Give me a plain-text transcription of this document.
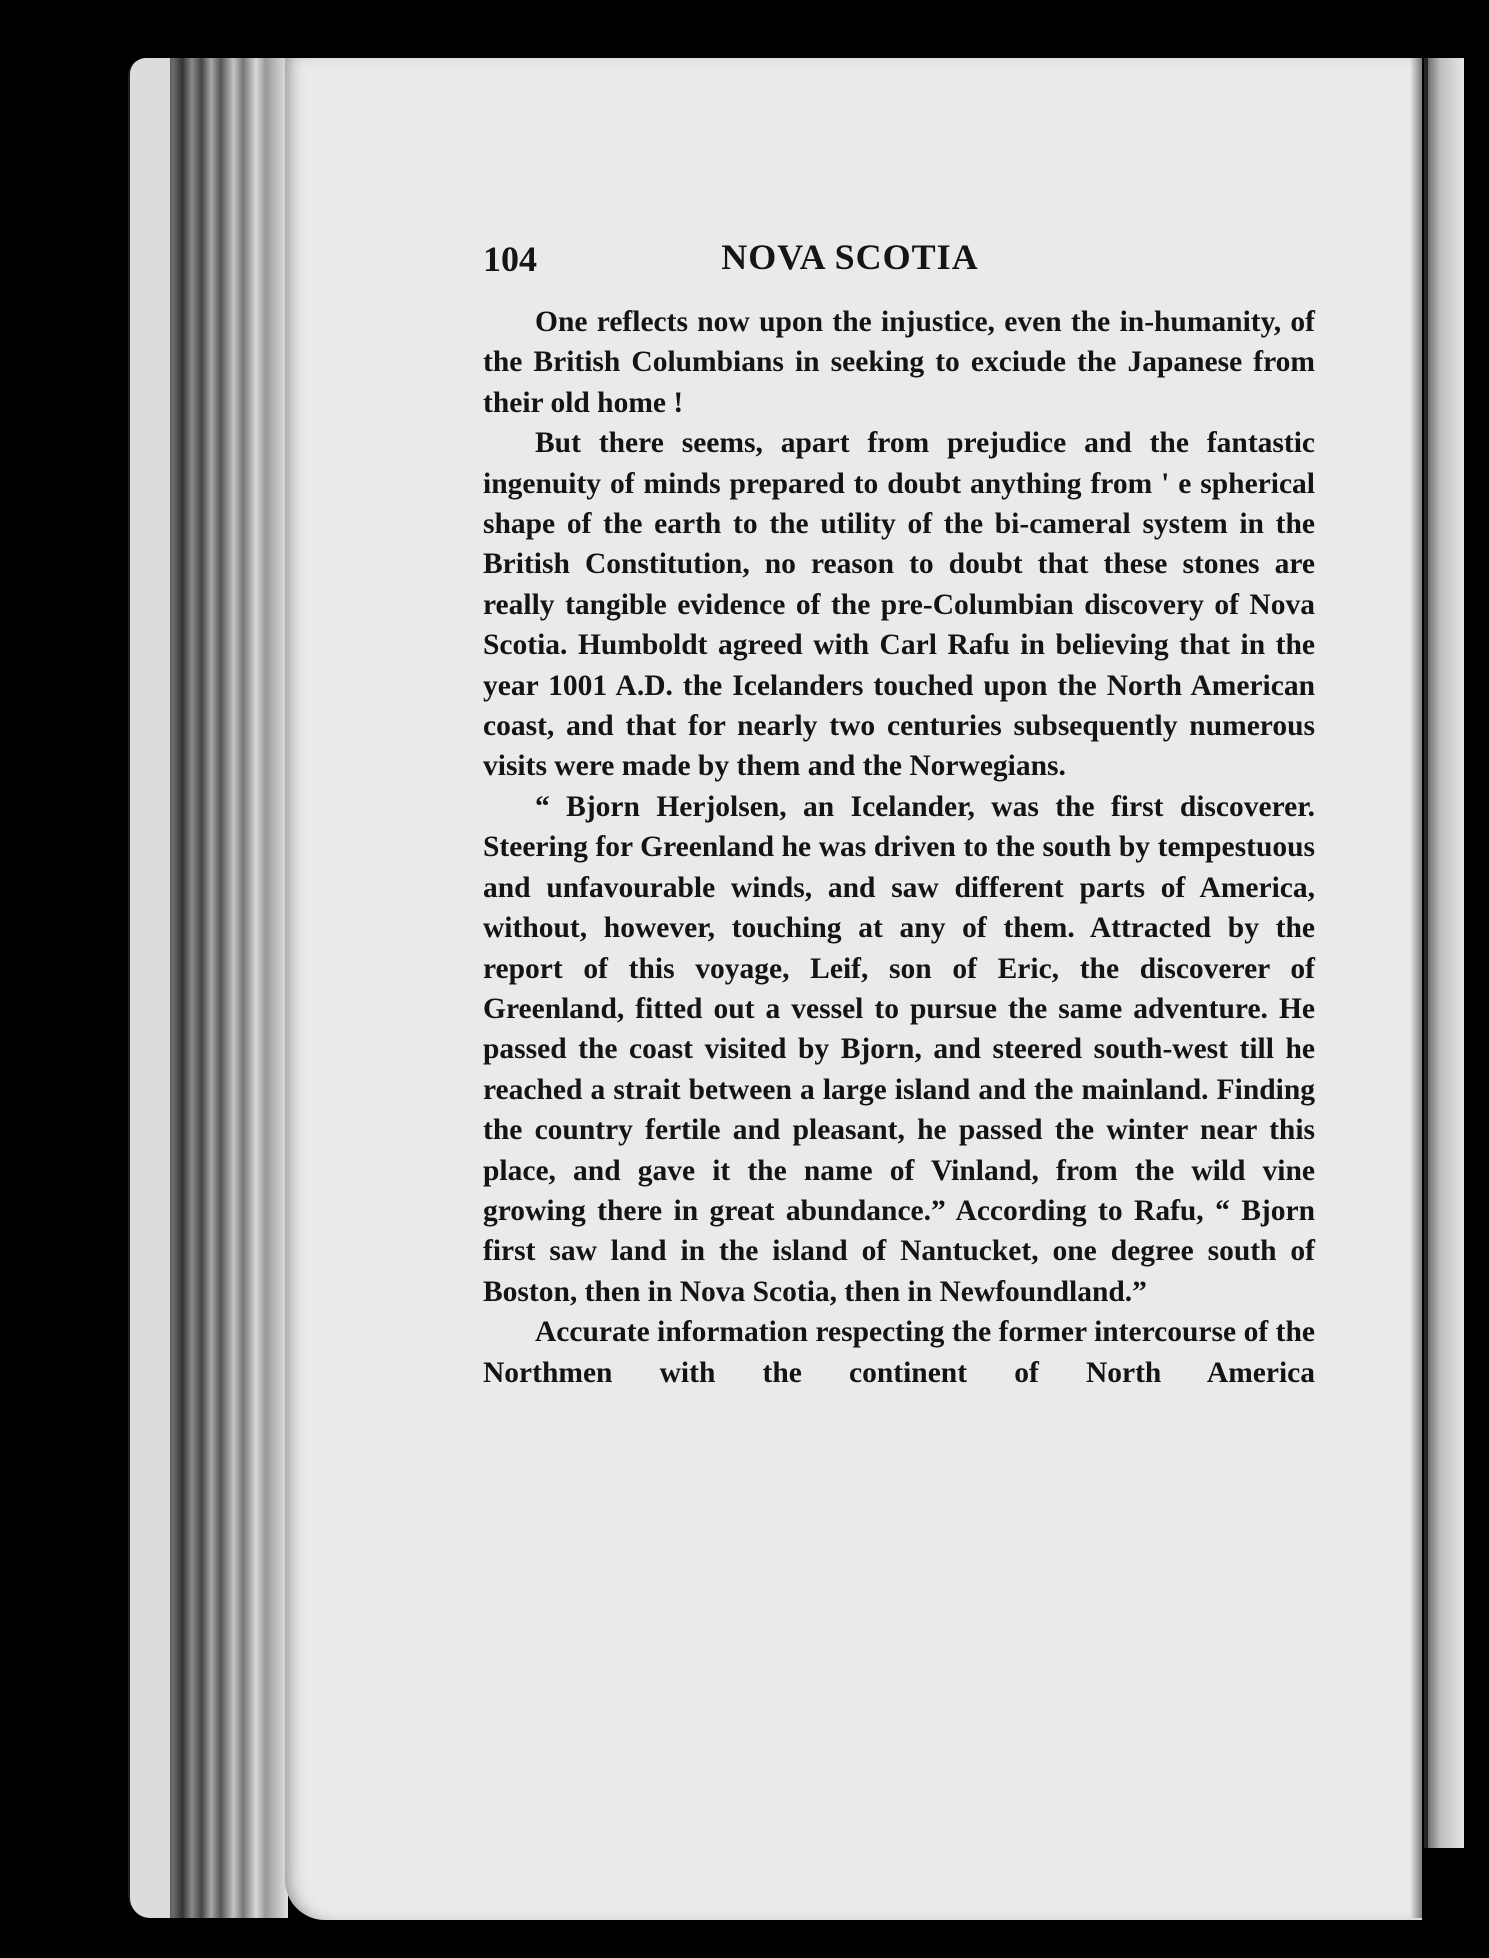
104	NOVA SCOTIA

One reflects now upon the injustice, even the in-humanity, of the British Columbians in seeking to exciude the Japanese from their old home !

But there seems, apart from prejudice and the fantastic ingenuity of minds prepared to doubt anything from ' e spherical shape of the earth to the utility of the bi-cameral system in the British Constitution, no reason to doubt that these stones are really tangible evidence of the pre-Columbian discovery of Nova Scotia. Humboldt agreed with Carl Rafu in believing that in the year 1001 A.D. the Icelanders touched upon the North American coast, and that for nearly two centuries subsequently numerous visits were made by them and the Norwegians.

“ Bjorn Herjolsen, an Icelander, was the first discoverer. Steering for Greenland he was driven to the south by tempestuous and unfavourable winds, and saw different parts of America, without, however, touching at any of them. Attracted by the report of this voyage, Leif, son of Eric, the discoverer of Greenland, fitted out a vessel to pursue the same adventure. He passed the coast visited by Bjorn, and steered south-west till he reached a strait between a large island and the mainland. Finding the country fertile and pleasant, he passed the winter near this place, and gave it the name of Vinland, from the wild vine growing there in great abundance.” According to Rafu, “ Bjorn first saw land in the island of Nantucket, one degree south of Boston, then in Nova Scotia, then in Newfoundland.”

Accurate information respecting the former intercourse of the Northmen with the continent of North America
